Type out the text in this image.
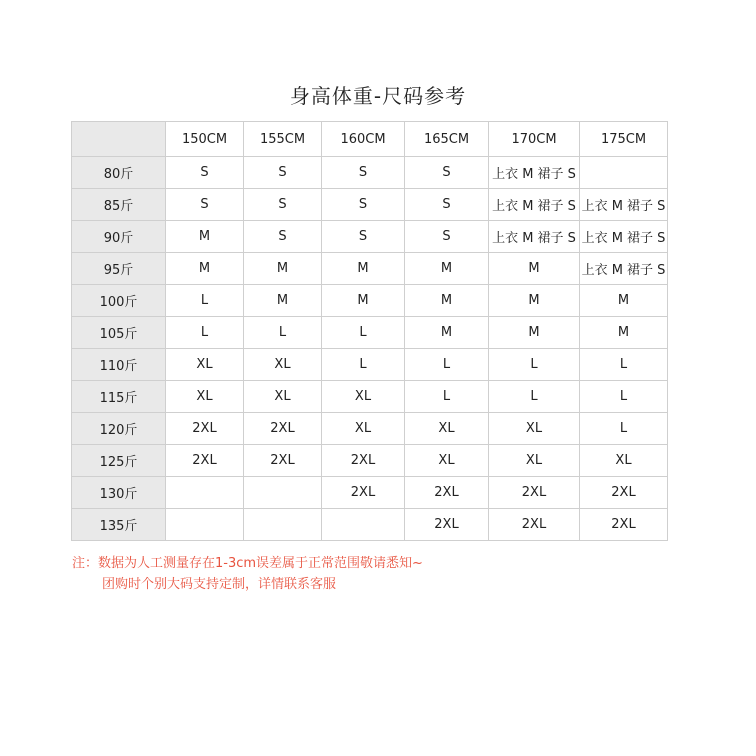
身高体重-尺码参考
	150CM	155CM	160CM	165CM	170CM	175CM
80斤	S	S	S	S	上衣 M 裙子 S	
85斤	S	S	S	S	上衣 M 裙子 S	上衣 M 裙子 S
90斤	M	S	S	S	上衣 M 裙子 S	上衣 M 裙子 S
95斤	M	M	M	M	M	上衣 M 裙子 S
100斤	L	M	M	M	M	M
105斤	L	L	L	M	M	M
110斤	XL	XL	L	L	L	L
115斤	XL	XL	XL	L	L	L
120斤	2XL	2XL	XL	XL	XL	L
125斤	2XL	2XL	2XL	XL	XL	XL
130斤			2XL	2XL	2XL	2XL
135斤				2XL	2XL	2XL
注：数据为人工测量存在1-3cm误差属于正常范围敬请悉知~
团购时个别大码支持定制，详情联系客服
